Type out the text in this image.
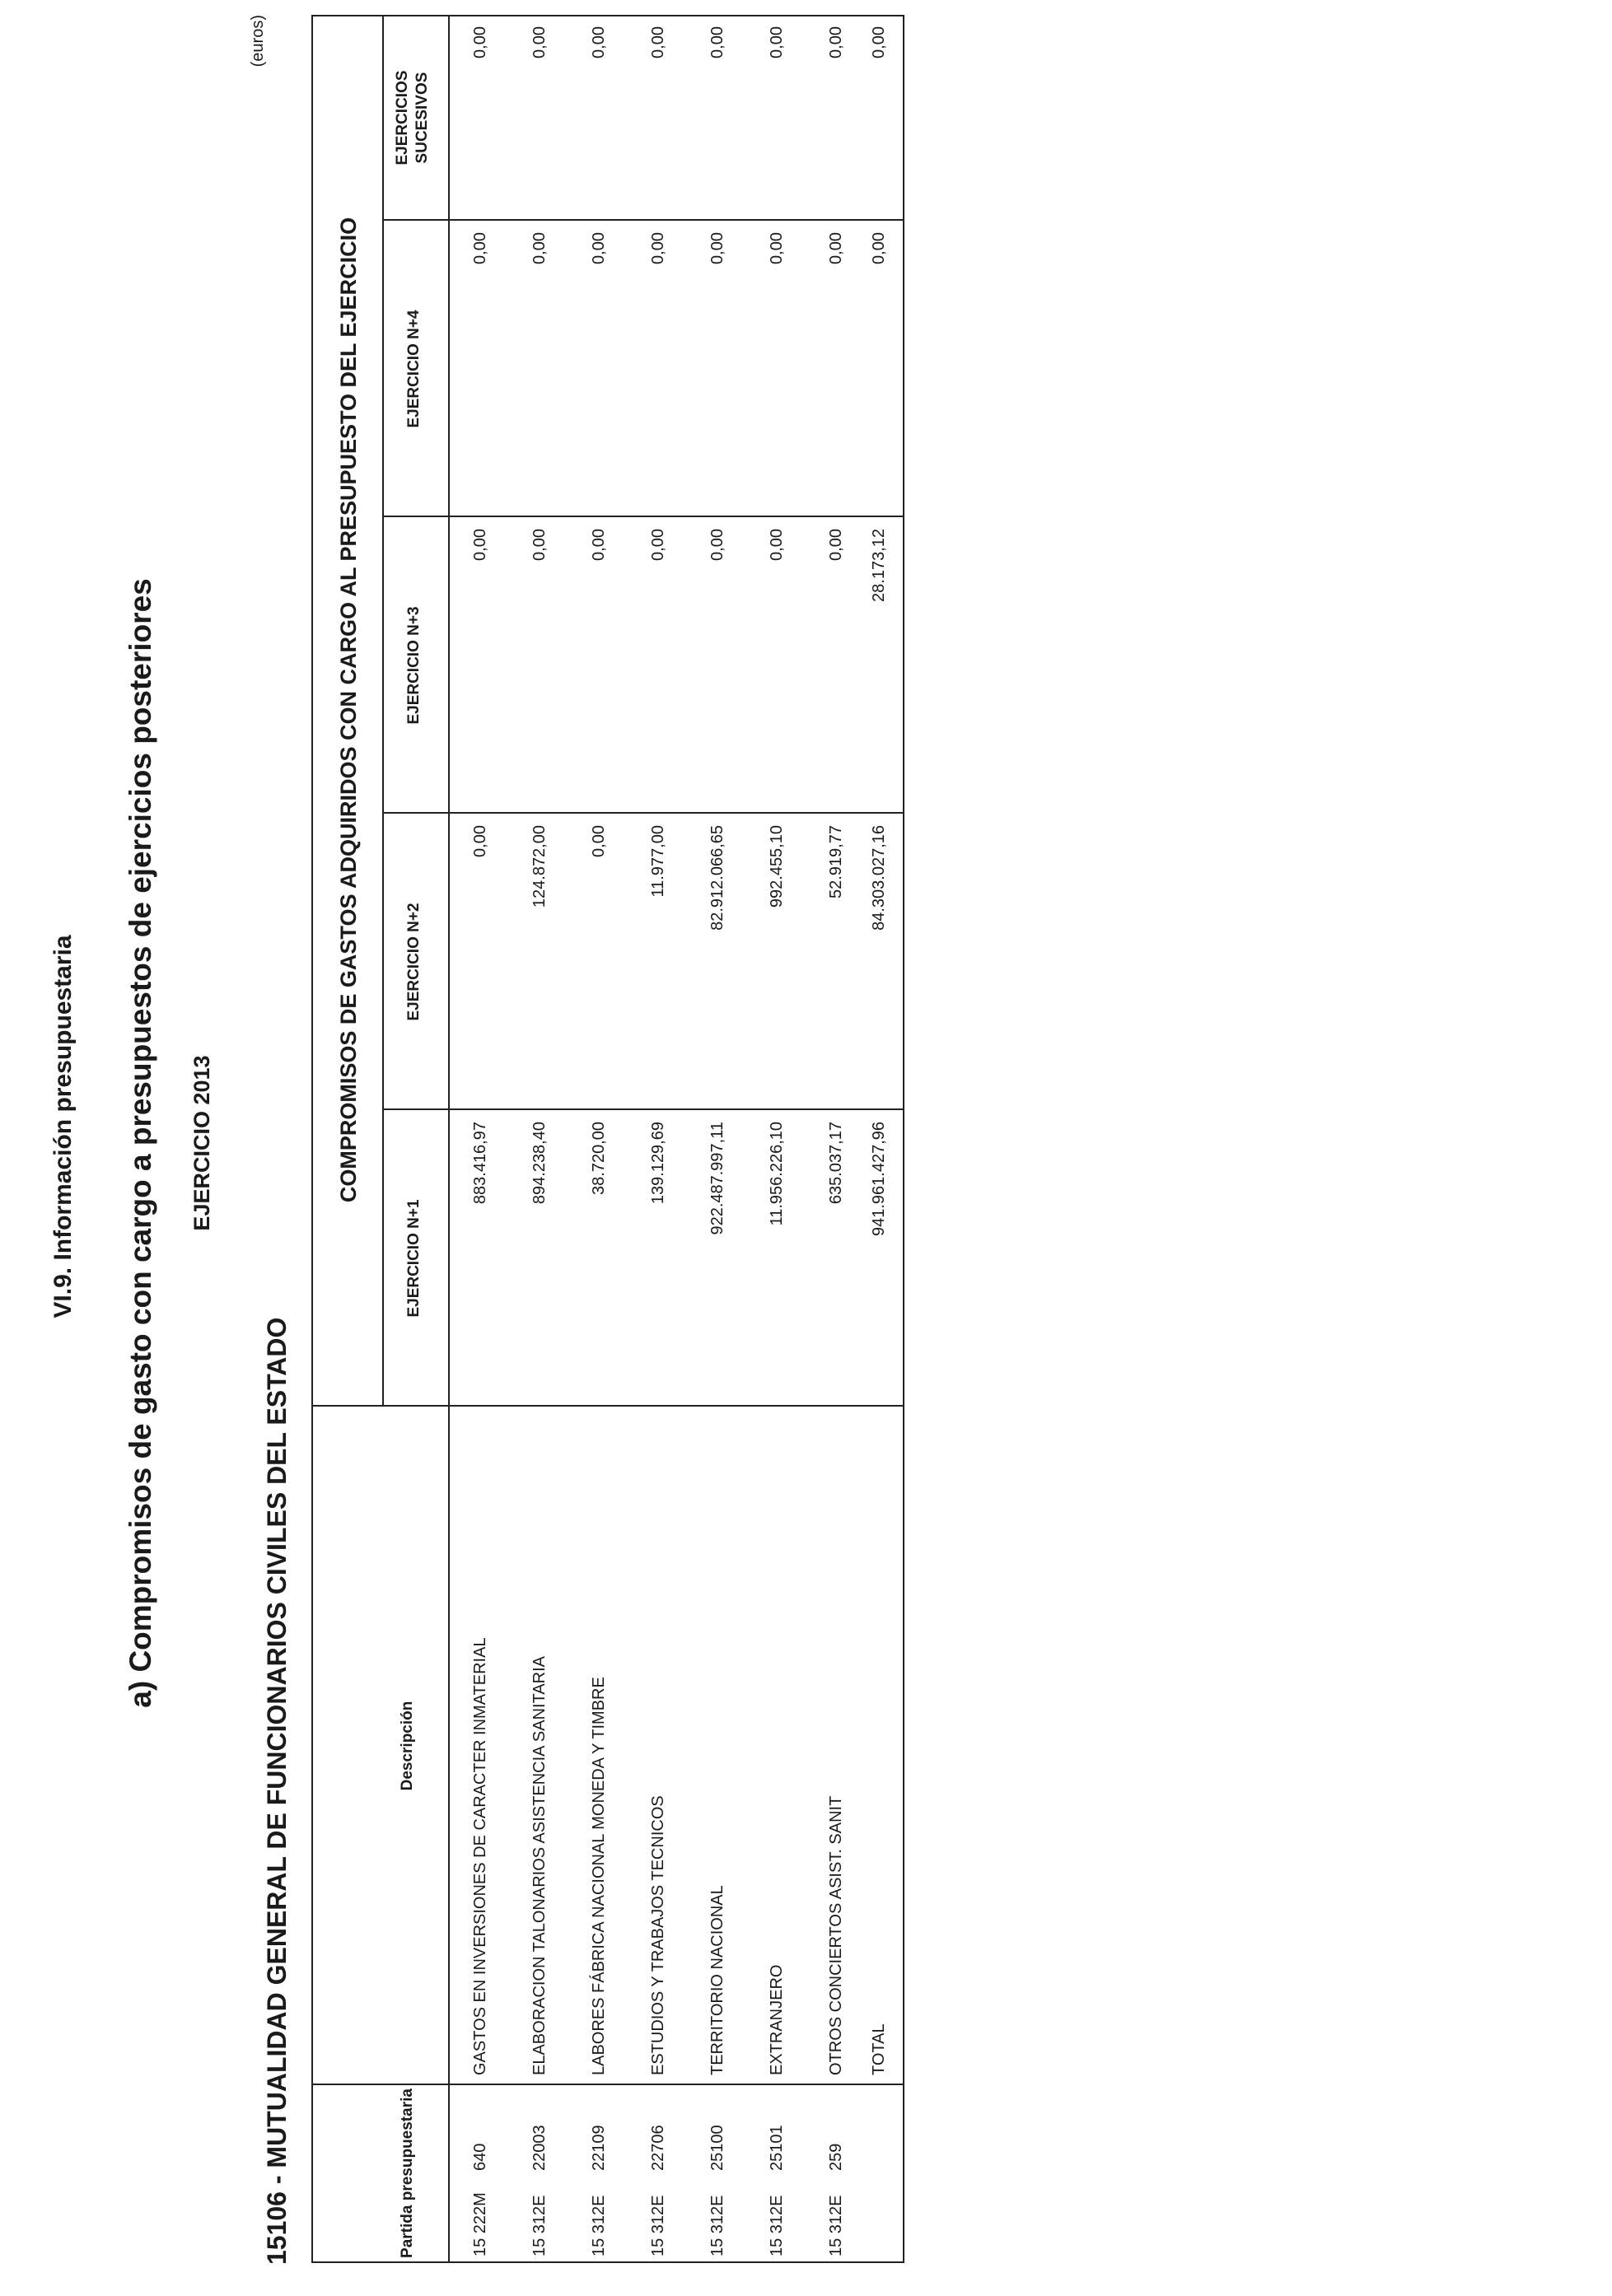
VI.9. Información presupuestaria a) Compromisos de gasto con cargo a presupuestos de ejercicios posteriores EJERCICIO 2013
15106 - MUTUALIDAD GENERAL DE FUNCIONARIOS CIVILES DEL ESTADO
(euros)
COMPROMISOS DE GASTOS ADQUIRIDOS CON CARGO AL PRESUPUESTO DEL EJERCICIO
Partida presupuestaria
Descripción
EJERCICIO N+1
EJERCICIO N+2
EJERCICIO N+3
EJERCICIO N+4
EJERCICIOS SUCESIVOS
15 222M
640
GASTOS EN INVERSIONES DE CARACTER INMATERIAL
883.416,97
0,00
0,00
0,00
0,00
15 312E
22003
ELABORACION TALONARIOS ASISTENCIA SANITARIA
894.238,40
124.872,00
0,00
0,00
0,00
15 312E
22109
LABORES FÁBRICA NACIONAL MONEDA Y TIMBRE
38.720,00
0,00
0,00
0,00
0,00
15 312E
22706
ESTUDIOS Y TRABAJOS TECNICOS
139.129,69
11.977,00
0,00
0,00
0,00
15 312E
25100
TERRITORIO NACIONAL
922.487.997,11
82.912.066,65
0,00
0,00
0,00
15 312E
25101
EXTRANJERO
11.956.226,10
992.455,10
0,00
0,00
0,00
15 312E
259
OTROS CONCIERTOS ASIST. SANIT
635.037,17
52.919,77
0,00
0,00
0,00
TOTAL
941.961.427,96
84.303.027,16
28.173,12
0,00
0,00
